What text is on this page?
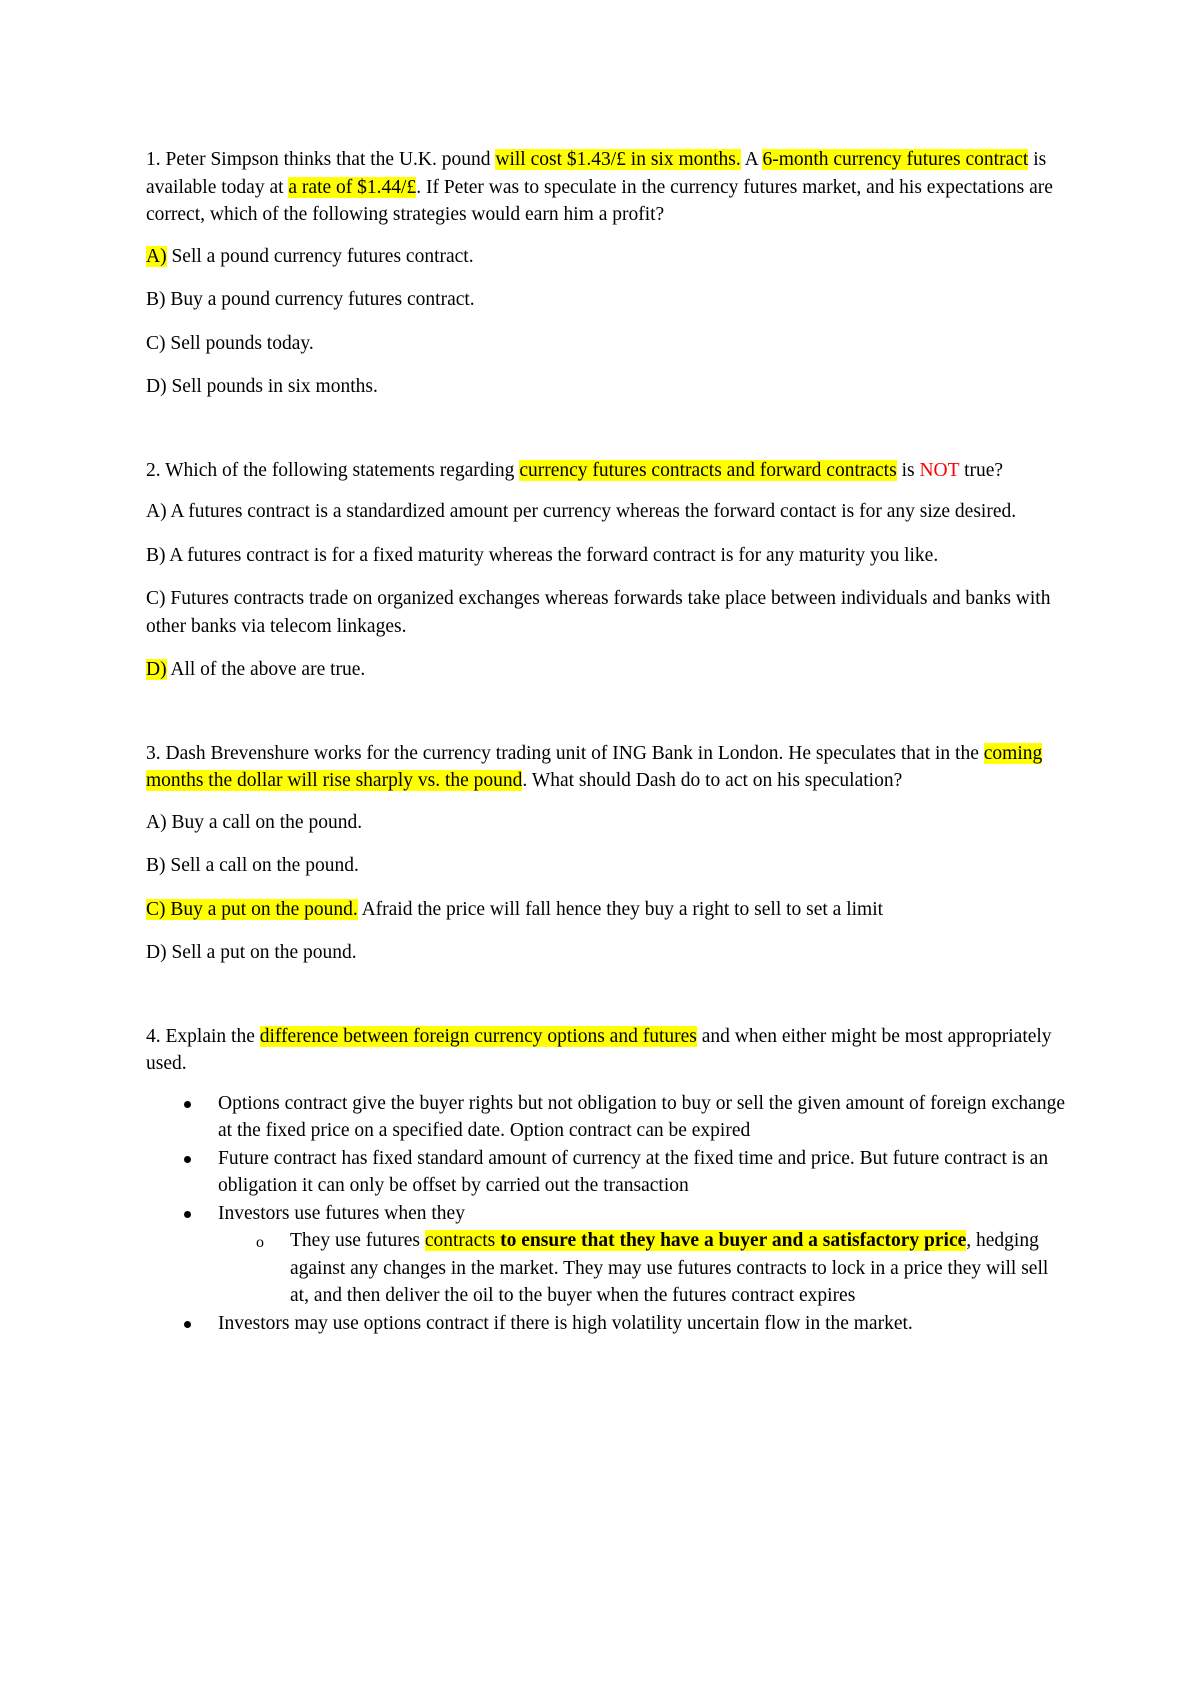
1. Peter Simpson thinks that the U.K. pound will cost $1.43/£ in six months. A 6-month currency futures contract is available today at a rate of $1.44/£. If Peter was to speculate in the currency futures market, and his expectations are correct, which of the following strategies would earn him a profit?

A) Sell a pound currency futures contract.

B) Buy a pound currency futures contract.

C) Sell pounds today.

D) Sell pounds in six months.

2. Which of the following statements regarding currency futures contracts and forward contracts is NOT true?

A) A futures contract is a standardized amount per currency whereas the forward contact is for any size desired.

B) A futures contract is for a fixed maturity whereas the forward contract is for any maturity you like.

C) Futures contracts trade on organized exchanges whereas forwards take place between individuals and banks with other banks via telecom linkages.

D) All of the above are true.

3. Dash Brevenshure works for the currency trading unit of ING Bank in London. He speculates that in the coming months the dollar will rise sharply vs. the pound. What should Dash do to act on his speculation?

A) Buy a call on the pound.

B) Sell a call on the pound.

C) Buy a put on the pound. Afraid the price will fall hence they buy a right to sell to set a limit

D) Sell a put on the pound.

4. Explain the difference between foreign currency options and futures and when either might be most appropriately used.

Options contract give the buyer rights but not obligation to buy or sell the given amount of foreign exchange at the fixed price on a specified date. Option contract can be expired
Future contract has fixed standard amount of currency at the fixed time and price. But future contract is an obligation it can only be offset by carried out the transaction
Investors use futures when they
o They use futures contracts to ensure that they have a buyer and a satisfactory price, hedging against any changes in the market. They may use futures contracts to lock in a price they will sell at, and then deliver the oil to the buyer when the futures contract expires
Investors may use options contract if there is high volatility uncertain flow in the market.
